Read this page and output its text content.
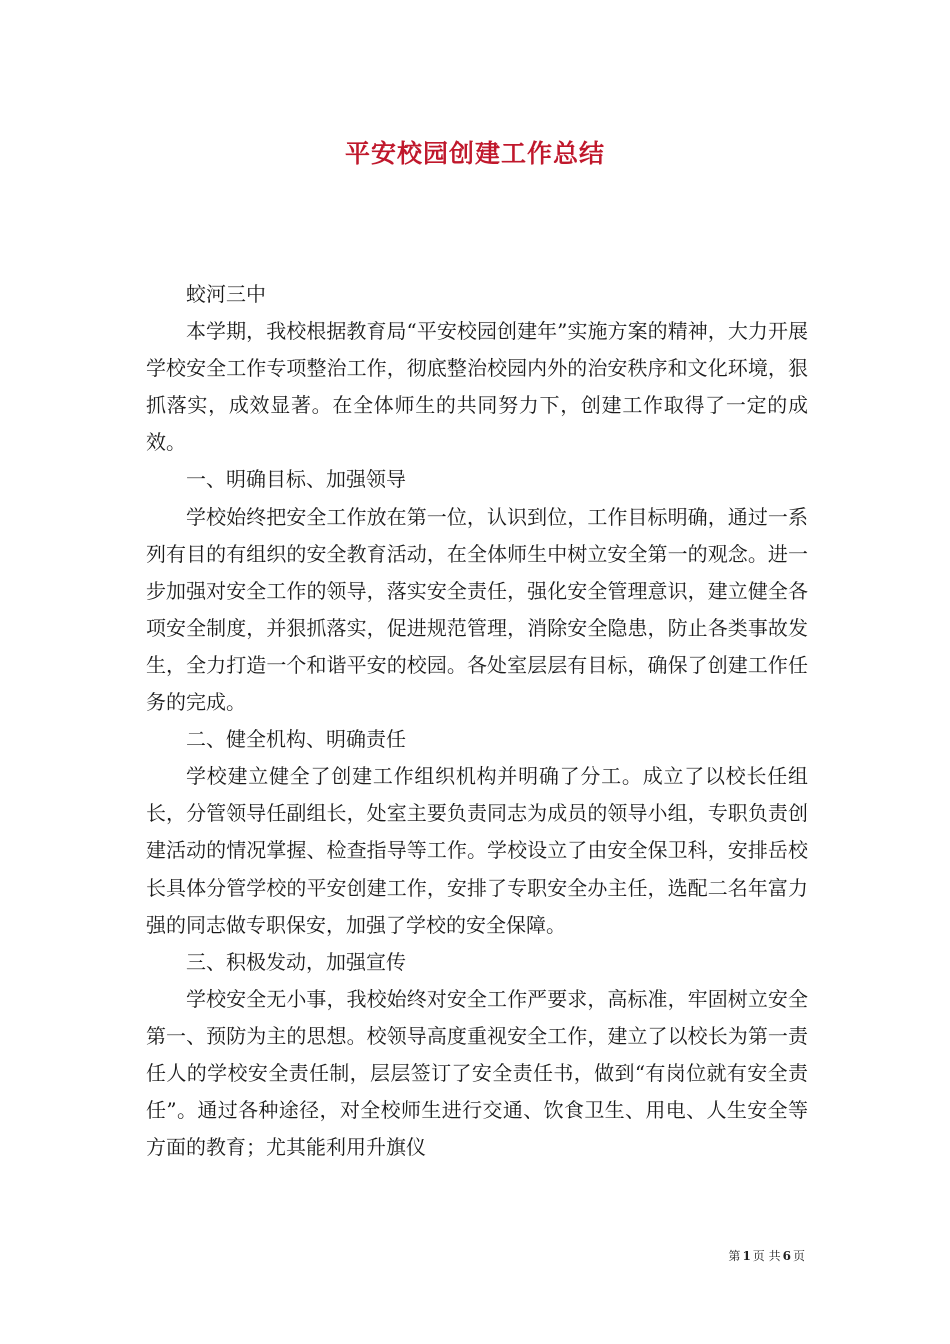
平安校园创建工作总结

蛟河三中

本学期，我校根据教育局“平安校园创建年”实施方案的精神，大力开展学校安全工作专项整治工作，彻底整治校园内外的治安秩序和文化环境，狠抓落实，成效显著。在全体师生的共同努力下，创建工作取得了一定的成效。

一、明确目标、加强领导

学校始终把安全工作放在第一位，认识到位，工作目标明确，通过一系列有目的有组织的安全教育活动，在全体师生中树立安全第一的观念。进一步加强对安全工作的领导，落实安全责任，强化安全管理意识，建立健全各项安全制度，并狠抓落实，促进规范管理，消除安全隐患，防止各类事故发生，全力打造一个和谐平安的校园。各处室层层有目标，确保了创建工作任务的完成。

二、健全机构、明确责任

学校建立健全了创建工作组织机构并明确了分工。成立了以校长任组长，分管领导任副组长，处室主要负责同志为成员的领导小组，专职负责创建活动的情况掌握、检查指导等工作。学校设立了由安全保卫科，安排岳校长具体分管学校的平安创建工作，安排了专职安全办主任，选配二名年富力强的同志做专职保安，加强了学校的安全保障。

三、积极发动，加强宣传

学校安全无小事，我校始终对安全工作严要求，高标准，牢固树立安全第一、预防为主的思想。校领导高度重视安全工作，建立了以校长为第一责任人的学校安全责任制，层层签订了安全责任书，做到“有岗位就有安全责任”。通过各种途径，对全校师生进行交通、饮食卫生、用电、人生安全等方面的教育；尤其能利用升旗仪

第 1 页 共 6 页
